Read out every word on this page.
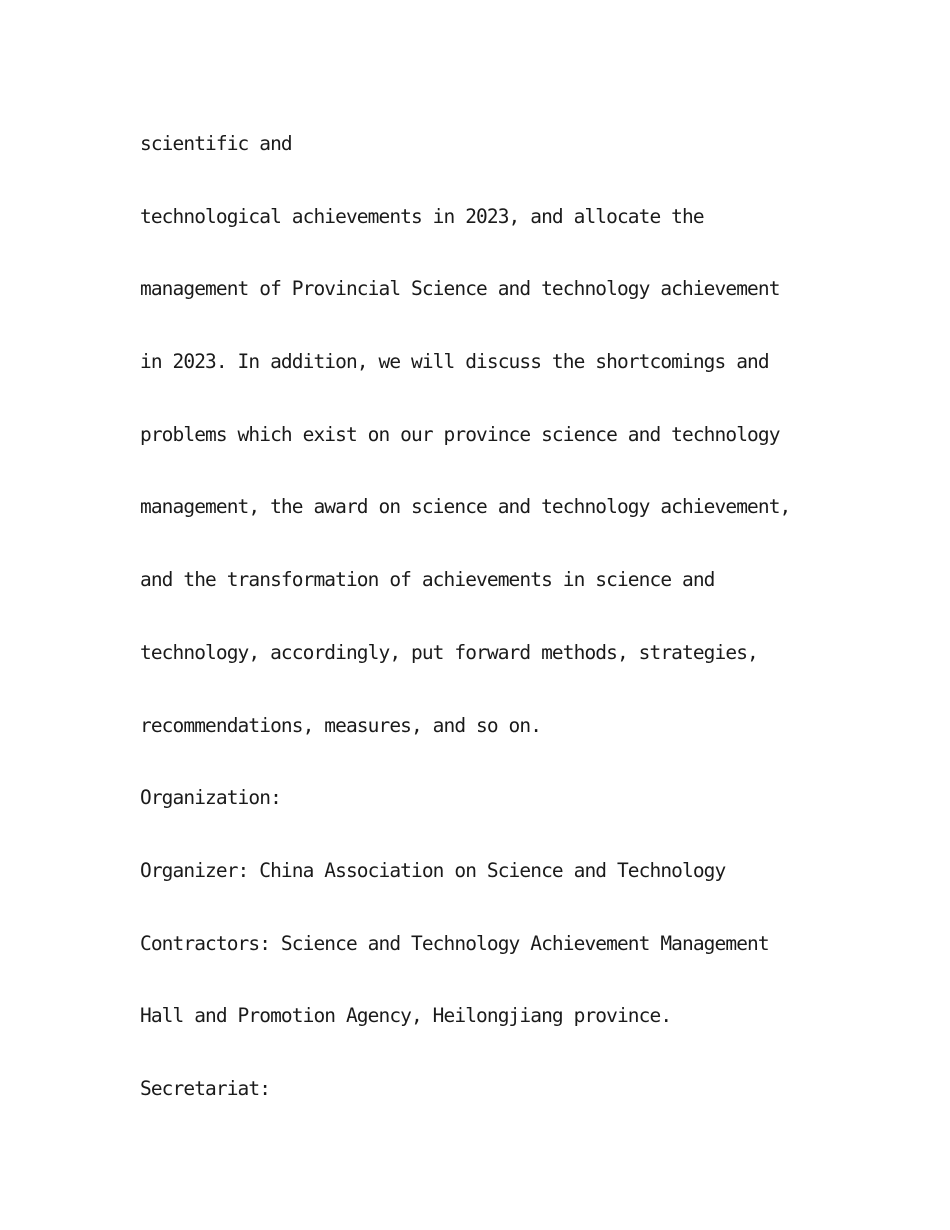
scientific and

technological achievements in 2023, and allocate the

management of Provincial Science and technology achievement

in 2023. In addition, we will discuss the shortcomings and

problems which exist on our province science and technology

management, the award on science and technology achievement,

and the transformation of achievements in science and

technology, accordingly, put forward methods, strategies,

recommendations, measures, and so on.

Organization:

Organizer: China Association on Science and Technology

Contractors: Science and Technology Achievement Management

Hall and Promotion Agency, Heilongjiang province.

Secretariat:
